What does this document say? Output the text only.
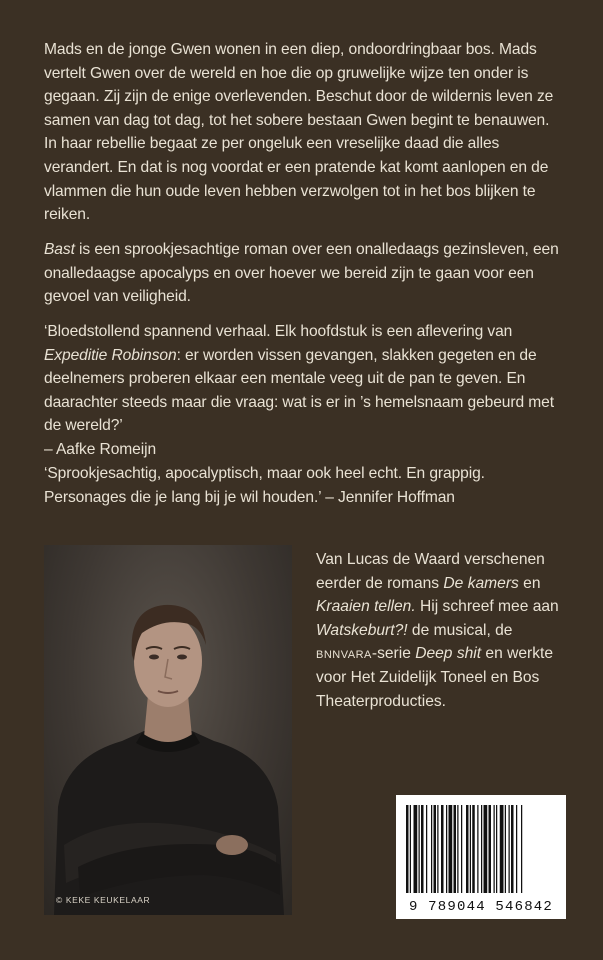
Mads en de jonge Gwen wonen in een diep, ondoordringbaar bos. Mads vertelt Gwen over de wereld en hoe die op gruwelijke wijze ten onder is gegaan. Zij zijn de enige overlevenden. Beschut door de wildernis leven ze samen van dag tot dag, tot het sobere bestaan Gwen begint te benauwen. In haar rebellie begaat ze per ongeluk een vreselijke daad die alles verandert. En dat is nog voordat er een pratende kat komt aanlopen en de vlammen die hun oude leven hebben verzwolgen tot in het bos blijken te reiken.

Bast is een sprookjesachtige roman over een onalledaags gezinsleven, een onalledaagse apocalyps en over hoever we bereid zijn te gaan voor een gevoel van veiligheid.

‘Bloedstollend spannend verhaal. Elk hoofdstuk is een aflevering van Expeditie Robinson: er worden vissen gevangen, slakken gegeten en de deelnemers proberen elkaar een mentale veeg uit de pan te geven. En daarachter steeds maar die vraag: wat is er in ’s hemelsnaam gebeurd met de wereld?’
– Aafke Romeijn

‘Sprookjesachtig, apocalyptisch, maar ook heel echt. En grappig. Personages die je lang bij je wil houden.’ – Jennifer Hoffman

© KEKE KEUKELAAR

Van Lucas de Waard verschenen eerder de romans De kamers en Kraaien tellen. Hij schreef mee aan Watskeburt?! de musical, de bnnvara-serie Deep shit en werkte voor Het Zuidelijk Toneel en Bos Theaterproducties.

9 789044 546842
